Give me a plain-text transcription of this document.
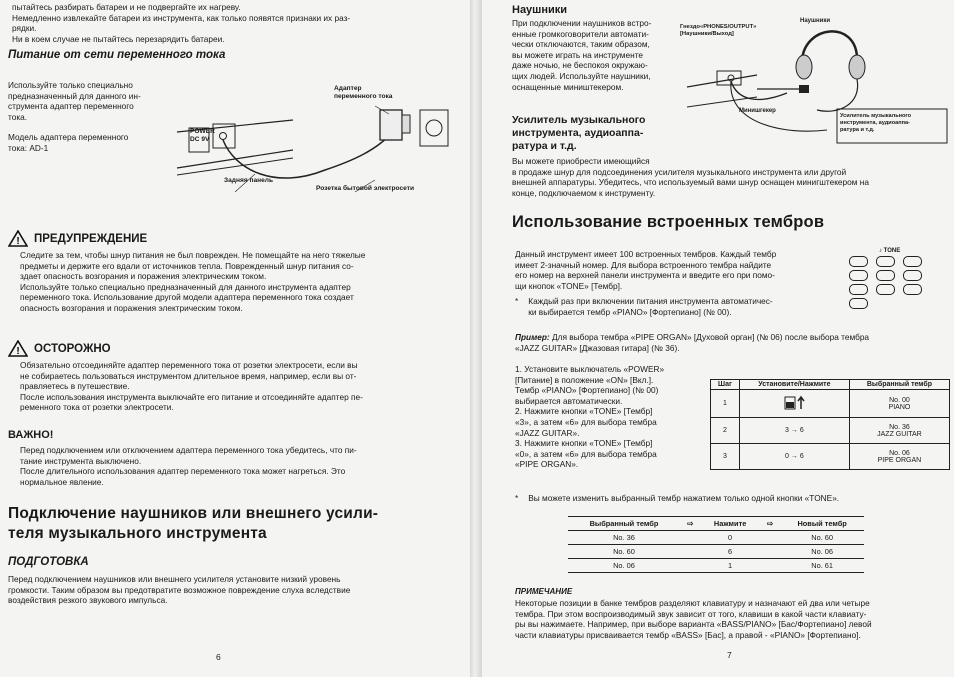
пытайтесь разбирать батареи и не подвергайте их нагреву.

Немедленно извлекайте батареи из инструмента, как только появятся признаки их раз-

рядки.

Ни в коем случае не пытайтесь перезарядить батареи.

Питание от сети переменного тока

Используйте только специально

предназначенный для данного ин-

струмента адаптер переменного

тока.

Модель адаптера переменного

тока: AD-1

POWER

DC 9V

Адаптер

переменного тока

Задняя панель
Розетка бытовой электросети
! ПРЕДУПРЕЖДЕНИЕ

Следите за тем, чтобы шнур питания не был поврежден. Не помещайте на него тяжелые

предметы и держите его вдали от источников тепла. Поврежденный шнур питания со-

здает опасность возгорания и поражения электрическим током.

Используйте только специально предназначенный для данного инструмента адаптер

переменного тока. Использование другой модели адаптера переменного тока создает

опасность возгорания и поражения электрическим током.

! ОСТОРОЖНО

Обязательно отсоединяйте адаптер переменного тока от розетки электросети, если вы

не собираетесь пользоваться инструментом длительное время, например, если вы от-

правляетесь в путешествие.

После использования инструмента выключайте его питание и отсоединяйте адаптер пе-

ременного тока от розетки электросети.

ВАЖНО!

Перед подключением или отключением адаптера переменного тока убедитесь, что пи-

тание инструмента выключено.

После длительного использования адаптер переменного тока может нагреться. Это

нормальное явление.

Подключение наушников или внешнего усили-

теля музыкального инструмента

ПОДГОТОВКА

Перед подключением наушников или внешнего усилителя установите низкий уровень

громкости. Таким образом вы предотвратите возможное повреждение слуха вследствие

воздействия резкого звукового импульса.

6
Наушники

При подключении наушников встро-

енные громкоговорители автомати-

чески отключаются, таким образом,

вы можете играть на инструменте

даже ночью, не беспокоя окружаю-

щих людей. Используйте наушники,

оснащенные миништекером.

Гнездо«PHONES/OUTPUT»

[Наушники/Выход]

Наушники
Минишгекер

Усилитель музыкального

инструмента, аудиоаппа-

ратура и т.д.

Усилитель музыкального

инструмента, аудиоаппа-

ратура и т.д.

Вы можете приобрести имеющийся

в продаже шнур для подсоединения усилителя музыкального инструмента или другой

внешней аппаратуры. Убедитесь, что используемый вами шнур оснащен минигштекером на

конце, подключаемом к инструменту.

Использование встроенных тембров

Данный инструмент имеет 100 встроенных тембров. Каждый тембр

имеет 2-значный номер. Для выбора встроенного тембра найдите

его номер на верхней панели инструмента и введите его при помо-

щи кнопок «TONE» [Тембр].

* Каждый раз при включении питания инструмента автоматичес-

ки выбирается тембр «PIANO» [Фортепиано] (№ 00).

♪ TONE

Пример: Для выбора тембра «PIPE ORGAN» [Духовой орган] (№ 06) после выбора тембра

«JAZZ GUITAR» [Джазовая гитара] (№ 36).

1. Установите выключатель «POWER»

[Питание] в положение «ON» [Вкл.].

Тембр «PIANO» [Фортепиано] (№ 00)

выбирается автоматически.

2. Нажмите кнопки «TONE» [Тембр]

«3», а затем «6» для выбора тембра

«JAZZ GUITAR».

3. Нажмите кнопки «TONE» [Тембр]

«0», а затем «6» для выбора тембра

«PIPE ORGAN».

Шаг	Установите/Нажмите	Выбранный тембр
1		No. 00

PIANO

2	3 → 6	No. 36

JAZZ GUITAR

3	0 → 6	No. 06

PIPE ORGAN

* Вы можете изменить выбранный тембр нажатием только одной кнопки «TONE».
Выбранный тембр	⇨	Нажмите	⇨	Новый тембр
No. 36		0		No. 60
No. 60		6		No. 06
No. 06		1		No. 61
ПРИМЕЧАНИЕ

Некоторые позиции в банке тембров разделяют клавиатуру и назначают ей два или четыре

тембра. При этом воспроизводимый звук зависит от того, клавиши в какой части клавиату-

ры вы нажимаете. Например, при выборе варианта «BASS/PIANO» [Бас/Фортепиано] левой

части клавиатуры присваивается тембр «BASS» [Бас], а правой - «PIANO» [Фортепиано].

7
